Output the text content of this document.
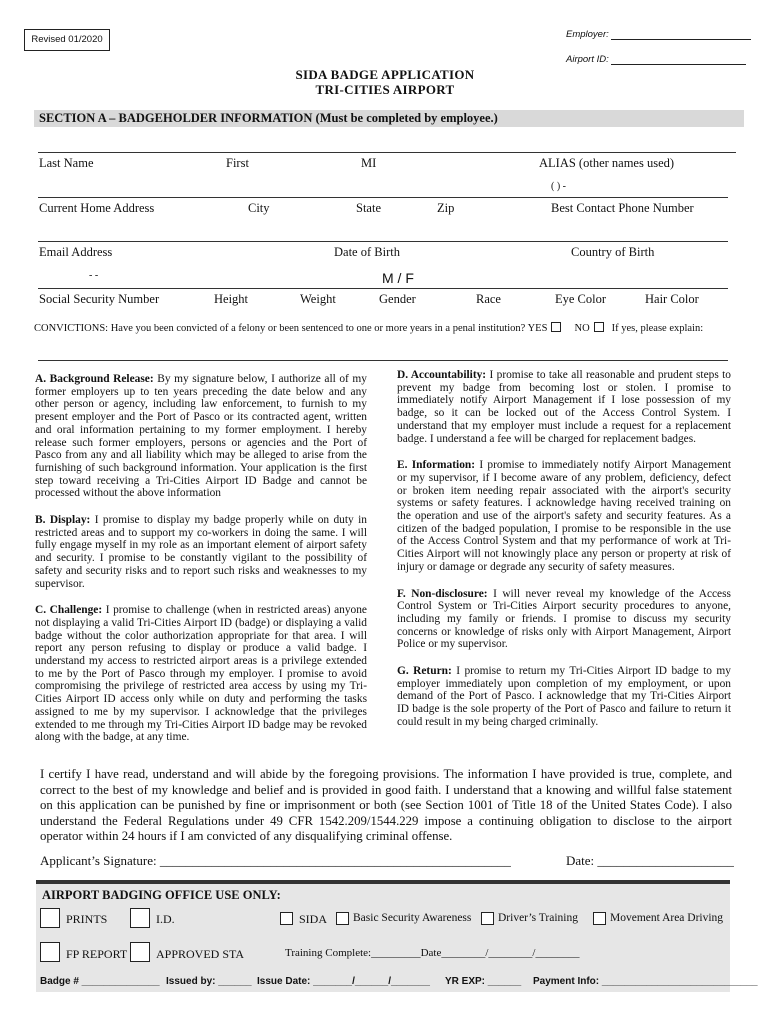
Revised 01/2020	Employer:
Airport ID:
SIDA BADGE APPLICATION
TRI-CITIES AIRPORT
SECTION A – BADGEHOLDER INFORMATION (Must be completed by employee.)
Last Name	First	MI	ALIAS (other names used)
( ) -
Current Home Address	City	State	Zip	Best Contact Phone Number
Email Address	Date of Birth	Country of Birth
- -	M / F
Social Security Number	Height	Weight	Gender	Race	Eye Color	Hair Color
CONVICTIONS: Have you been convicted of a felony or been sentenced to one or more years in a penal institution? YES	NO If yes, please explain:

A. Background Release: By my signature below, I authorize all of my former employers up to ten years preceding the date below and any other person or agency, including law enforcement, to furnish to my present employer and the Port of Pasco or its contracted agent, written and oral information pertaining to my former employment. I hereby release such former employers, persons or agencies and the Port of Pasco from any and all liability which may be alleged to arise from the furnishing of such background information. Your application is the first step toward receiving a Tri-Cities Airport ID Badge and cannot be processed without the above information

B. Display: I promise to display my badge properly while on duty in restricted areas and to support my co-workers in doing the same. I will fully engage myself in my role as an important element of airport safety and security. I promise to be constantly vigilant to the possibility of safety and security risks and to report such risks and weaknesses to my supervisor.

C. Challenge: I promise to challenge (when in restricted areas) anyone not displaying a valid Tri-Cities Airport ID (badge) or displaying a valid badge without the color authorization appropriate for that area. I will report any person refusing to display or produce a valid badge. I understand my access to restricted airport areas is a privilege extended to me by the Port of Pasco through my employer. I promise to avoid compromising the privilege of restricted area access by using my Tri-Cities Airport ID access only while on duty and performing the tasks assigned to me by my supervisor. I acknowledge that the privileges extended to me through my Tri-Cities Airport ID badge may be revoked along with the badge, at any time.

D. Accountability: I promise to take all reasonable and prudent steps to prevent my badge from becoming lost or stolen. I promise to immediately notify Airport Management if I lose possession of my badge, so it can be locked out of the Access Control System. I understand that my employer must include a request for a replacement badge. I understand a fee will be charged for replacement badges.

E. Information: I promise to immediately notify Airport Management or my supervisor, if I become aware of any problem, deficiency, defect or broken item needing repair associated with the airport's security systems or safety features. I acknowledge having received training on the operation and use of the airport's safety and security features. As a citizen of the badged population, I promise to be responsible in the use of the Access Control System and that my performance of work at Tri-Cities Airport will not knowingly place any person or property at risk of injury or damage or degrade any security of safety measures.

F. Non-disclosure: I will never reveal my knowledge of the Access Control System or Tri-Cities Airport security procedures to anyone, including my family or friends. I promise to discuss my security concerns or knowledge of risks only with Airport Management, Airport Police or my supervisor.

G. Return: I promise to return my Tri-Cities Airport ID badge to my employer immediately upon completion of my employment, or upon demand of the Port of Pasco. I acknowledge that my Tri-Cities Airport ID badge is the sole property of the Port of Pasco and failure to return it could result in my being charged criminally.

I certify I have read, understand and will abide by the foregoing provisions. The information I have provided is true, complete, and correct to the best of my knowledge and belief and is provided in good faith. I understand that a knowing and willful false statement on this application can be punished by fine or imprisonment or both (see Section 1001 of Title 18 of the United States Code). I also understand the Federal Regulations under 49 CFR 1542.209/1544.229 impose a continuing obligation to disclose to the airport operator within 24 hours if I am convicted of any disqualifying criminal offense.
Applicant’s Signature: ______________________________________________________	Date: _____________________
AIRPORT BADGING OFFICE USE ONLY:
PRINTS	I.D.	SIDA Basic Security Awareness Driver’s Training	Movement Area Driving
FP REPORT APPROVED STA	Training Complete:_________Date________/________/________
Badge # ______________ Issued by: ______ Issue Date: _______/______/_______ YR EXP: ______ Payment Info: ____________________________
